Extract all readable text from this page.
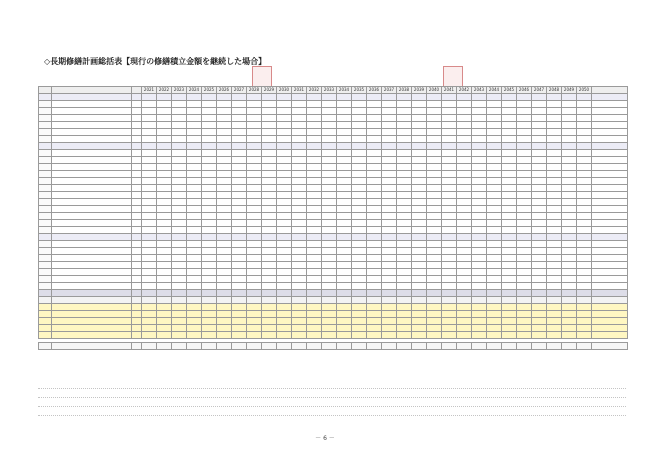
◇長期修繕計画総括表【現行の修繕積立金額を継続した場合】
			2021	2022	2023	2024	2025	2026	2027	2028	2029	2030	2031	2032	2033	2034	2035	2036	2037	2038	2039	2040	2041	2042	2043	2044	2045	2046	2047	2048	2049	2050	

－ 6 －
